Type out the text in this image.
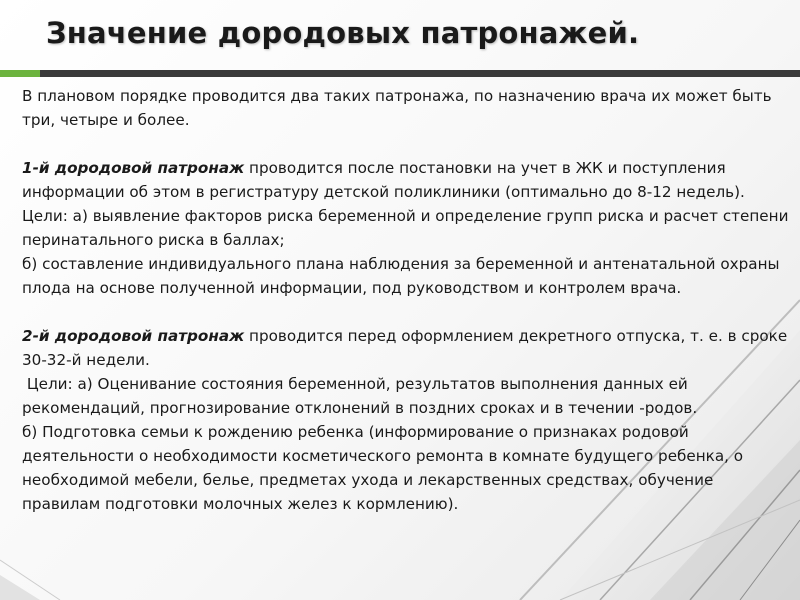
Значение дородовых патронажей.

В плановом порядке проводится два таких патронажа, по назначению врача их может быть три, четыре и более.

1-й дородовой патронаж проводится после постановки на учет в ЖК и поступления информации об этом в регистратуру детской поликлиники (оптимально до 8-12 недель).

Цели: а) выявление факторов риска беременной и определение групп риска и расчет степени перинатального риска в баллах;

б) составление индивидуального плана наблюдения за беременной и антенатальной охраны плода на основе полученной информации, под руководством и контролем врача.

2-й дородовой патронаж проводится перед оформлением декретного отпуска, т. е. в сроке 30-32-й недели.

Цели: а) Оценивание состояния беременной, результатов выполнения данных ей рекомендаций, прогнозирование отклонений в поздних сроках и в течении -родов.

б) Подготовка семьи к рождению ребенка (информирование о признаках родовой деятельности о необходимости косметического ремонта в комнате будущего ребенка, о необходимой мебели, белье, предметах ухода и лекарственных средствах, обучение правилам подготовки молочных желез к кормлению).
